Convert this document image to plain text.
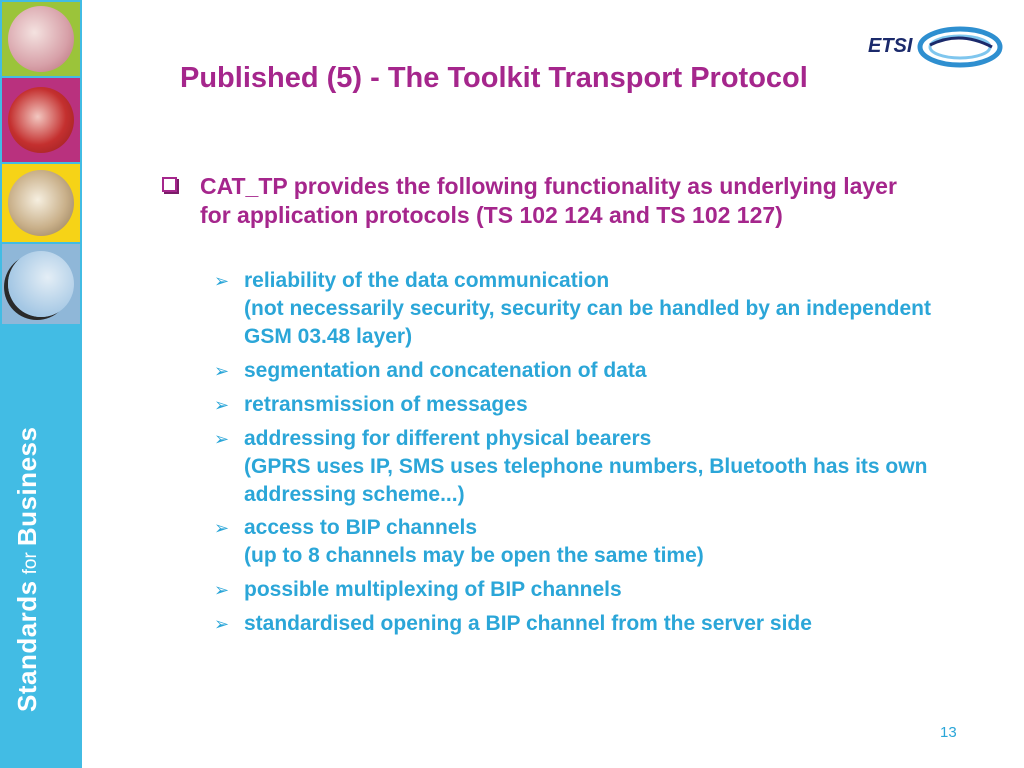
StandardsforBusiness
ETSI
Published (5) - The Toolkit Transport Protocol
CAT_TP provides the following functionality as underlying layer for application protocols (TS 102 124 and TS 102 127)
➢ reliability of the data communication
(not necessarily security, security can be handled by an independent GSM 03.48 layer)
➢ segmentation and concatenation of data
➢ retransmission of messages
➢ addressing for different physical bearers
(GPRS uses IP, SMS uses telephone numbers, Bluetooth has its own addressing scheme...)
➢ access to BIP channels
(up to 8 channels may be open the same time)
➢ possible multiplexing of BIP channels
➢ standardised opening a BIP channel from the server side
13
